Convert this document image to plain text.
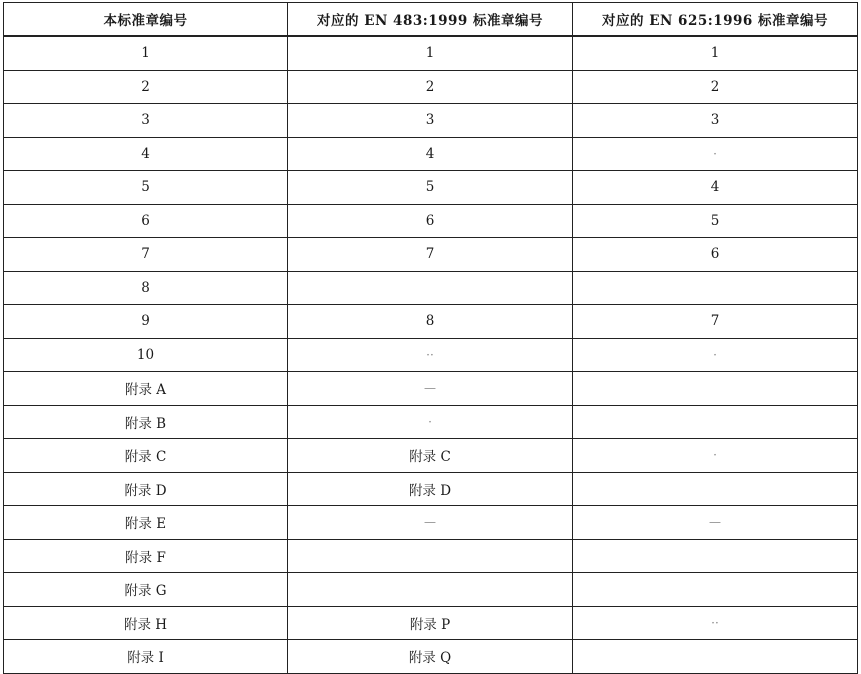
本标准章编号	对应的 EN 483:1999 标准章编号	对应的 EN 625:1996 标准章编号
1	1	1
2	2	2
3	3	3
4	4	·
5	5	4
6	6	5
7	7	6
8		
9	8	7
10	··	·
附录 A	—	
附录 B	·	
附录 C	附录 C	·
附录 D	附录 D	
附录 E	—	—
附录 F		
附录 G		
附录 H	附录 P	··
附录 I	附录 Q	
